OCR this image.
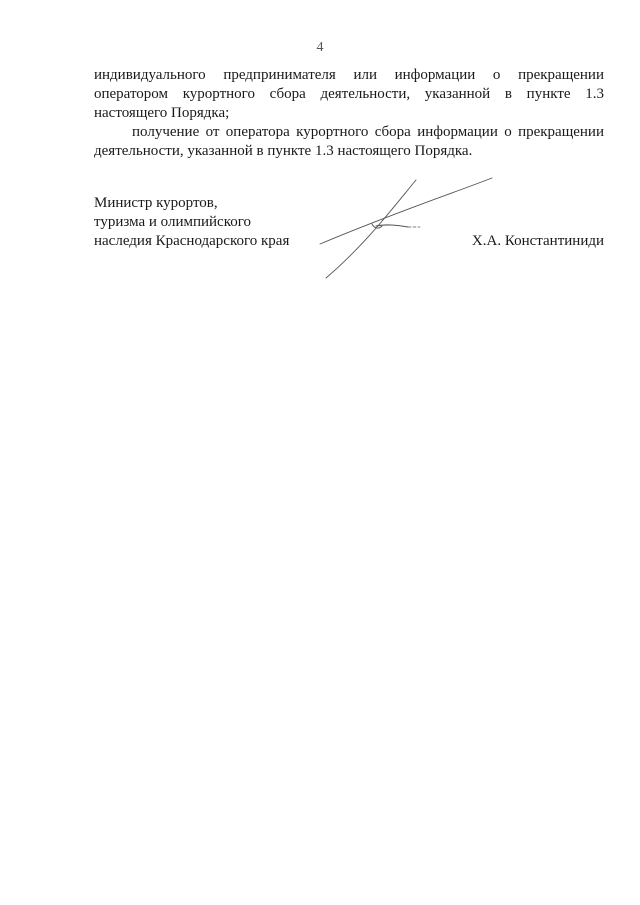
4

индивидуального предпринимателя или информации о прекращении

оператором курортного сбора деятельности, указанной в пункте 1.3 настоящего Порядка;

получение от оператора курортного сбора информации о прекращении деятельности, указанной в пункте 1.3 настоящего Порядка.

Министр курортов,
туризма и олимпийского
наследия Краснодарского края	Х.А. Константиниди
